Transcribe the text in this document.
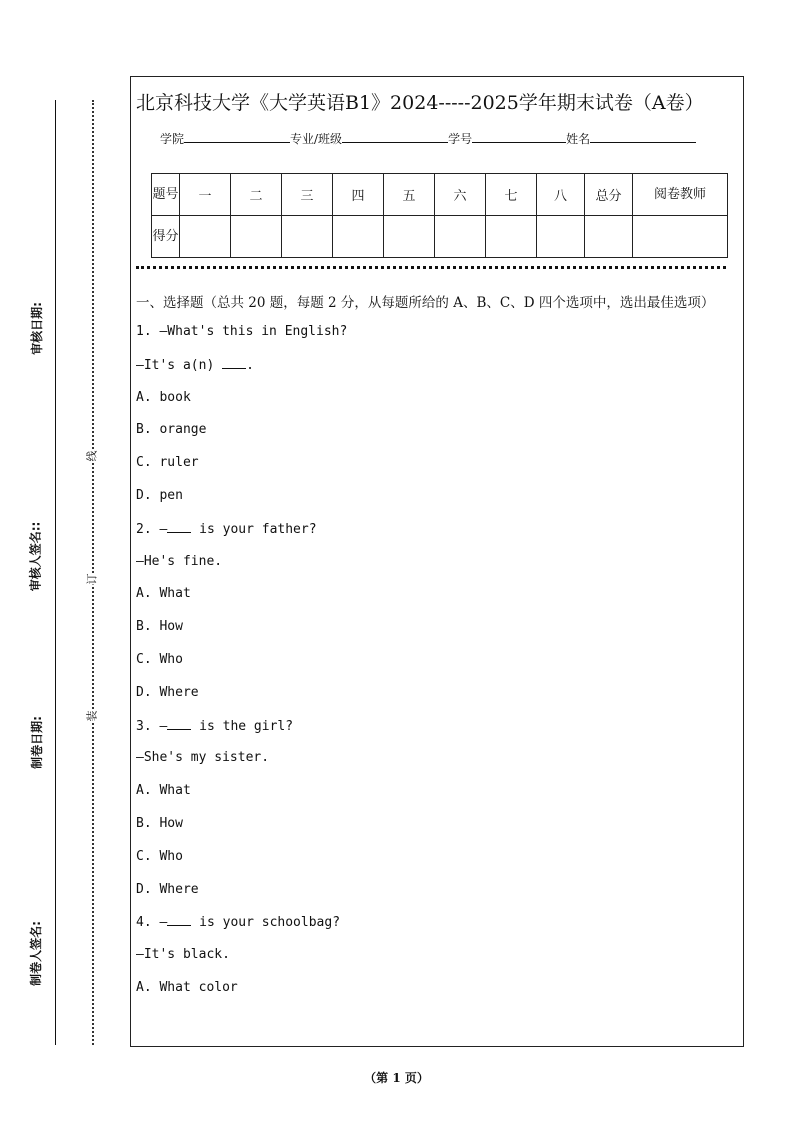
审核日期:
审核人签名::
制卷日期:
制卷人签名:
线
订
装
北京科技大学《大学英语B1》2024-----2025学年期末试卷（A卷）
学院	专业/班级	学号	姓名
题号	一	二	三	四	五	六	七	八	总分	阅卷教师
得分										
一、选择题（总共 20 题，每题 2 分，从每题所给的 A、B、C、D 四个选项中，选出最佳选项）
1. —What's this in English?
—It's a(n) .
A. book
B. orange
C. ruler
D. pen
2. — is your father?
—He's fine.
A. What
B. How
C. Who
D. Where
3. — is the girl?
—She's my sister.
A. What
B. How
C. Who
D. Where
4. — is your schoolbag?
—It's black.
A. What color
（第 1 页）
